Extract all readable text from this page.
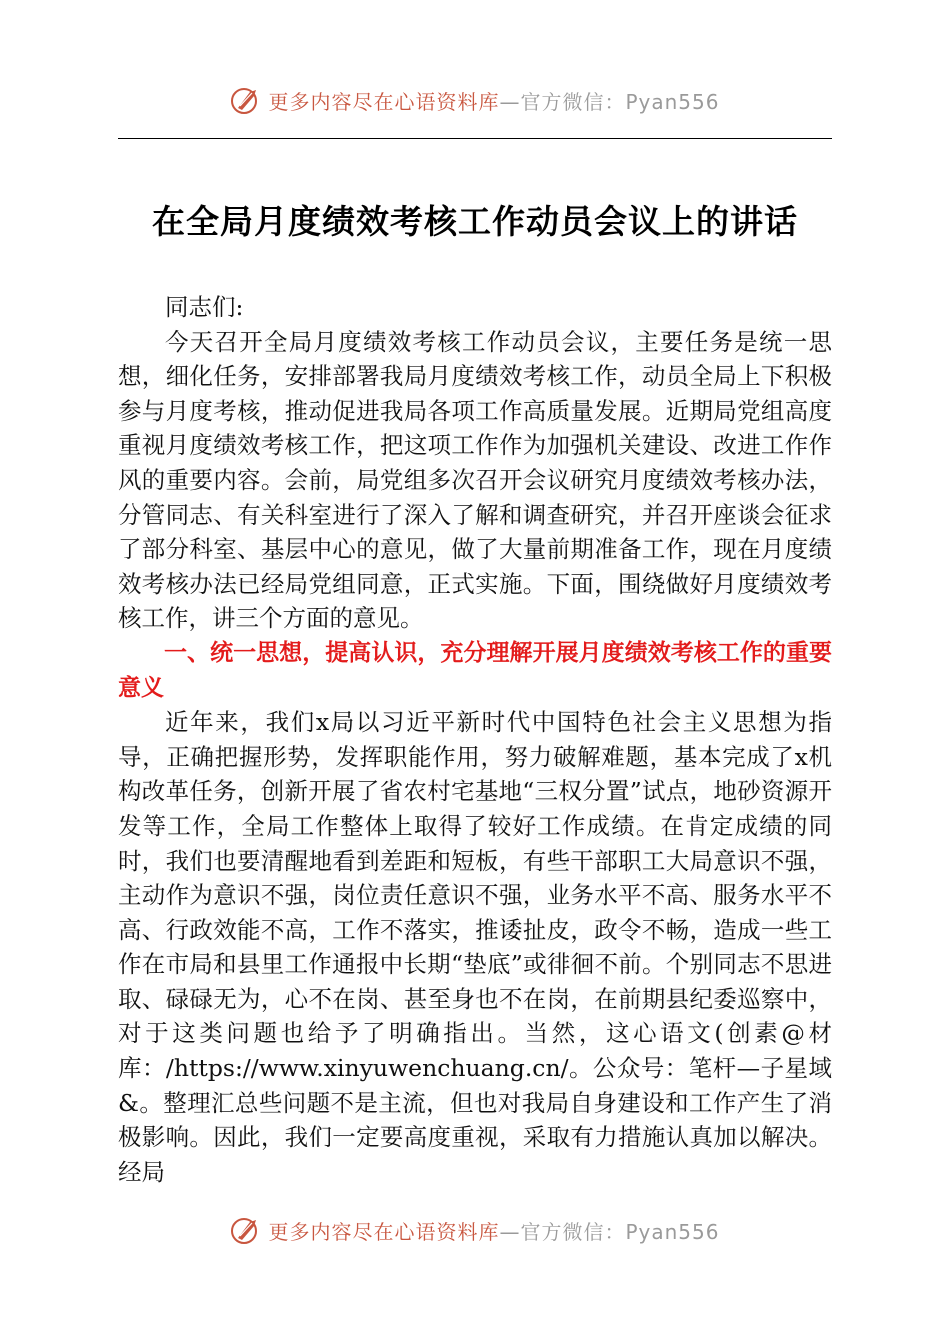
更多内容尽在心语资料库 —官方微信：Pyan556
在全局月度绩效考核工作动员会议上的讲话

同志们:

今天召开全局月度绩效考核工作动员会议，主要任务是统一思想，细化任务，安排部署我局月度绩效考核工作，动员全局上下积极参与月度考核，推动促进我局各项工作高质量发展。近期局党组高度重视月度绩效考核工作，把这项工作作为加强机关建设、改进工作作风的重要内容。会前，局党组多次召开会议研究月度绩效考核办法，分管同志、有关科室进行了深入了解和调查研究，并召开座谈会征求了部分科室、基层中心的意见，做了大量前期准备工作，现在月度绩效考核办法已经局党组同意，正式实施。下面，围绕做好月度绩效考核工作，讲三个方面的意见。

一、统一思想，提高认识，充分理解开展月度绩效考核工作的重要意义

近年来，我们x局以习近平新时代中国特色社会主义思想为指导，正确把握形势，发挥职能作用，努力破解难题，基本完成了x机构改革任务，创新开展了省农村宅基地“三权分置”试点，地砂资源开发等工作，全局工作整体上取得了较好工作成绩。在肯定成绩的同时，我们也要清醒地看到差距和短板，有些干部职工大局意识不强，主动作为意识不强，岗位责任意识不强，业务水平不高、服务水平不高、行政效能不高，工作不落实，推诿扯皮，政令不畅，造成一些工作在市局和县里工作通报中长期“垫底”或徘徊不前。个别同志不思进取、碌碌无为，心不在岗、甚至身也不在岗，在前期县纪委巡察中，对于这类问题也给予了明确指出。当然，这心语文(创素@材库：/https://www.xinyuwenchuang.cn/。公众号：笔杆—子星域&。整理汇总些问题不是主流，但也对我局自身建设和工作产生了消极影响。因此，我们一定要高度重视，采取有力措施认真加以解决。经局

更多内容尽在心语资料库 —官方微信：Pyan556
